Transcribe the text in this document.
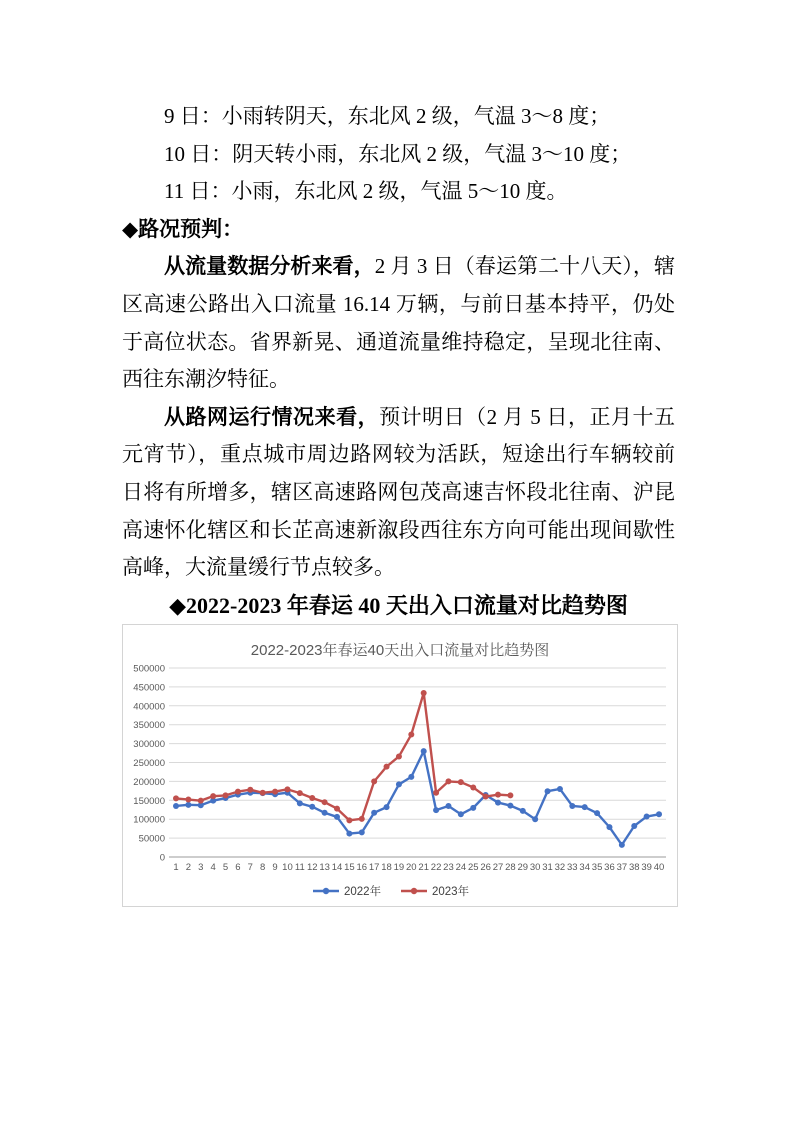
9 日：小雨转阴天，东北风 2 级，气温 3～8 度；

10 日：阴天转小雨，东北风 2 级，气温 3～10 度；

11 日：小雨，东北风 2 级，气温 5～10 度。

◆路况预判：

从流量数据分析来看，2 月 3 日（春运第二十八天），辖区高速公路出入口流量 16.14 万辆，与前日基本持平，仍处于高位状态。省界新晃、通道流量维持稳定，呈现北往南、西往东潮汐特征。

从路网运行情况来看，预计明日（2 月 5 日，正月十五元宵节），重点城市周边路网较为活跃，短途出行车辆较前日将有所增多，辖区高速路网包茂高速吉怀段北往南、沪昆高速怀化辖区和长芷高速新溆段西往东方向可能出现间歇性高峰，大流量缓行节点较多。

◆2022-2023 年春运 40 天出入口流量对比趋势图

2022-2023年春运40天出入口流量对比趋势图
0
50000
100000
150000
200000
250000
300000
350000
400000
450000
500000
1 2 3 4 5 6 7 8 9 10 11 12 13 14 15 16 17 18 19 20 21 22 23 24 25 26 27 28 29 30 31 32 33 34 35 36 37 38 39 40
2022年	2023年
